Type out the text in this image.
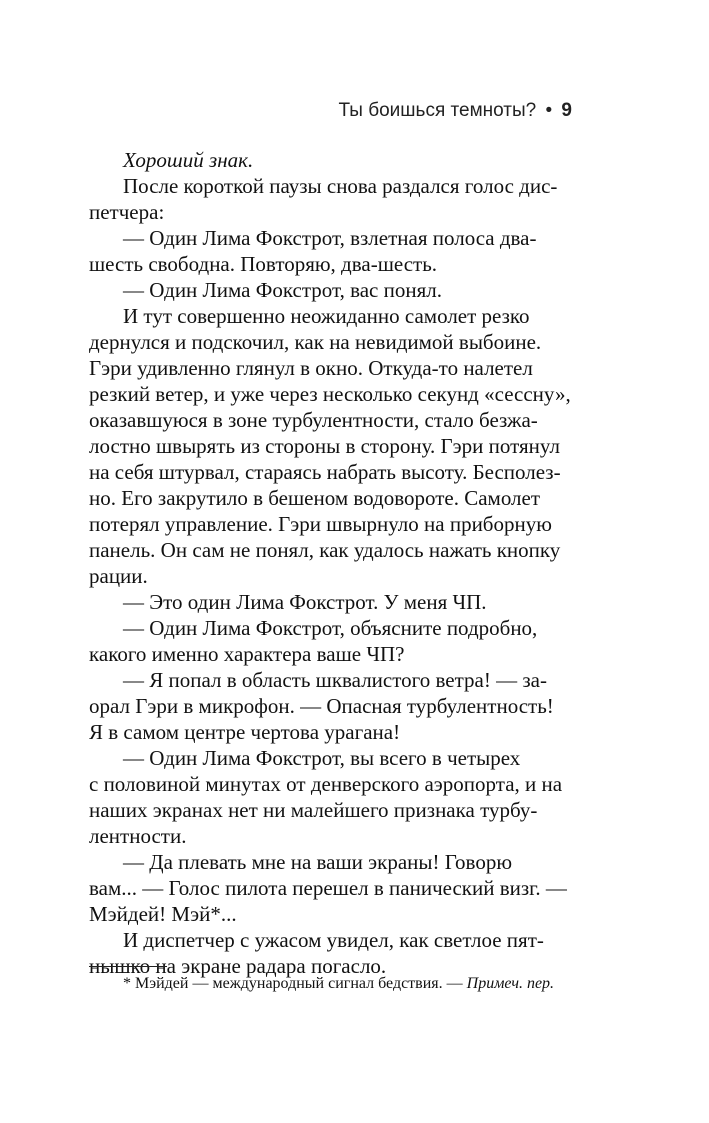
Ты боишься темноты? • 9

Хороший знак.

После короткой паузы снова раздался голос дис-
петчера:

— Один Лима Фокстрот, взлетная полоса два-
шесть свободна. Повторяю, два-шесть.

— Один Лима Фокстрот, вас понял.

И тут совершенно неожиданно самолет резко
дернулся и подскочил, как на невидимой выбоине.
Гэри удивленно глянул в окно. Откуда-то налетел
резкий ветер, и уже через несколько секунд «сессну»,
оказавшуюся в зоне турбулентности, стало безжа-
лостно швырять из стороны в сторону. Гэри потянул
на себя штурвал, стараясь набрать высоту. Бесполез-
но. Его закрутило в бешеном водовороте. Самолет
потерял управление. Гэри швырнуло на приборную
панель. Он сам не понял, как удалось нажать кнопку
рации.

— Это один Лима Фокстрот. У меня ЧП.

— Один Лима Фокстрот, объясните подробно,
какого именно характера ваше ЧП?

— Я попал в область шквалистого ветра! — за-
орал Гэри в микрофон. — Опасная турбулентность!
Я в самом центре чертова урагана!

— Один Лима Фокстрот, вы всего в четырех
с половиной минутах от денверского аэропорта, и на
наших экранах нет ни малейшего признака турбу-
лентности.

— Да плевать мне на ваши экраны! Говорю
вам... — Голос пилота перешел в панический визг. —
Мэйдей! Мэй*...

И диспетчер с ужасом увидел, как светлое пят-
нышко на экране радара погасло.

* Мэйдей — международный сигнал бедствия. — Примеч. пер.
